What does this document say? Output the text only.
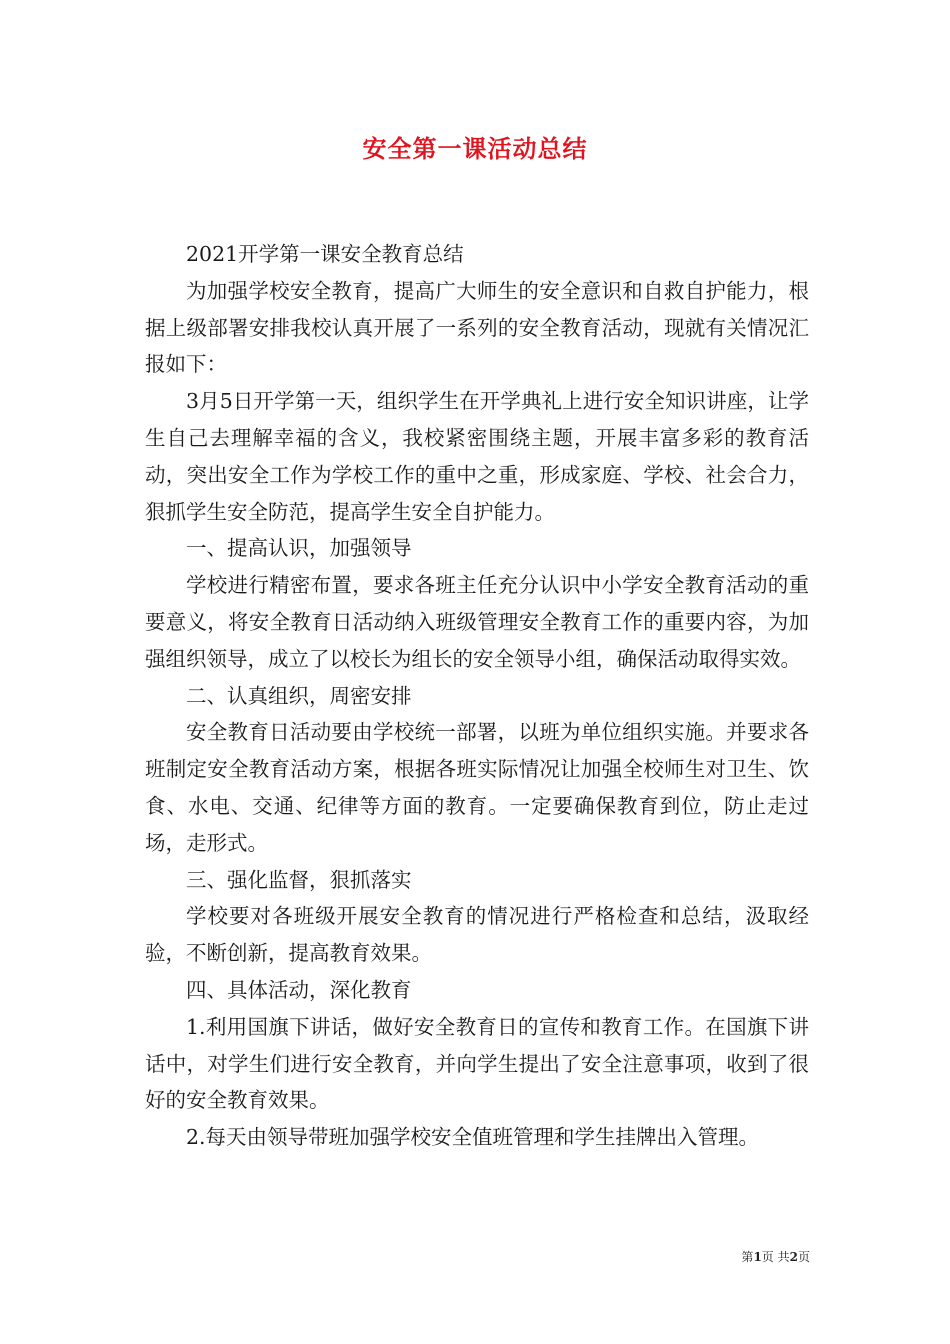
安全第一课活动总结

2021开学第一课安全教育总结

为加强学校安全教育，提高广大师生的安全意识和自救自护能力，根据上级部署安排我校认真开展了一系列的安全教育活动，现就有关情况汇报如下：

3月5日开学第一天，组织学生在开学典礼上进行安全知识讲座，让学生自己去理解幸福的含义，我校紧密围绕主题，开展丰富多彩的教育活动，突出安全工作为学校工作的重中之重，形成家庭、学校、社会合力，狠抓学生安全防范，提高学生安全自护能力。

一、提高认识，加强领导

学校进行精密布置，要求各班主任充分认识中小学安全教育活动的重要意义，将安全教育日活动纳入班级管理安全教育工作的重要内容，为加强组织领导，成立了以校长为组长的安全领导小组，确保活动取得实效。

二、认真组织，周密安排

安全教育日活动要由学校统一部署，以班为单位组织实施。并要求各班制定安全教育活动方案，根据各班实际情况让加强全校师生对卫生、饮食、水电、交通、纪律等方面的教育。一定要确保教育到位，防止走过场，走形式。

三、强化监督，狠抓落实

学校要对各班级开展安全教育的情况进行严格检查和总结，汲取经验，不断创新，提高教育效果。

四、具体活动，深化教育

1.利用国旗下讲话，做好安全教育日的宣传和教育工作。在国旗下讲话中，对学生们进行安全教育，并向学生提出了安全注意事项，收到了很好的安全教育效果。

2.每天由领导带班加强学校安全值班管理和学生挂牌出入管理。

第1页 共2页
